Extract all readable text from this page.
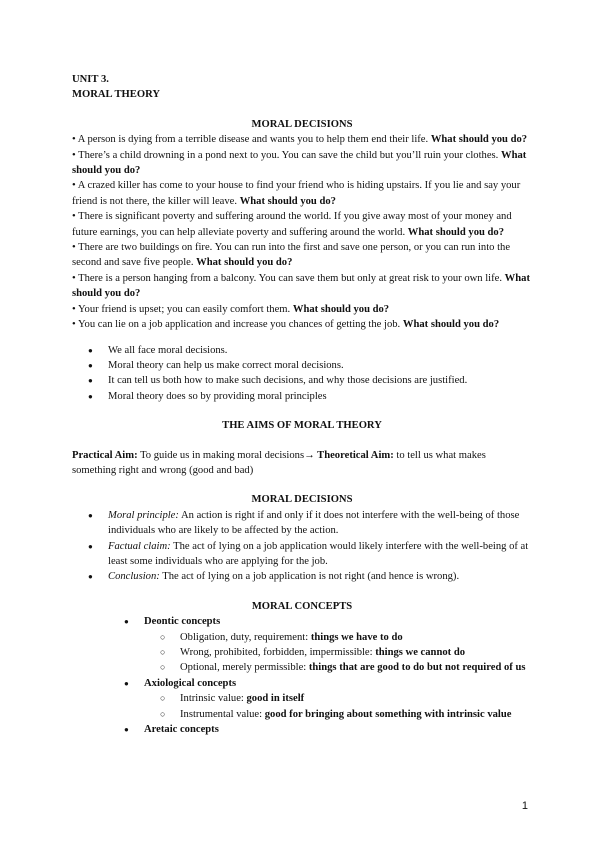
UNIT 3.
MORAL THEORY
MORAL DECISIONS
• A person is dying from a terrible disease and wants you to help them end their life. What should you do?
• There’s a child drowning in a pond next to you. You can save the child but you’ll ruin your clothes. What should you do?
• A crazed killer has come to your house to find your friend who is hiding upstairs. If you lie and say your friend is not there, the killer will leave. What should you do?
• There is significant poverty and suffering around the world. If you give away most of your money and future earnings, you can help alleviate poverty and suffering around the world. What should you do?
• There are two buildings on fire. You can run into the first and save one person, or you can run into the second and save five people. What should you do?
• There is a person hanging from a balcony. You can save them but only at great risk to your own life. What should you do?
• Your friend is upset; you can easily comfort them. What should you do?
• You can lie on a job application and increase you chances of getting the job. What should you do?
● We all face moral decisions.
● Moral theory can help us make correct moral decisions.
● It can tell us both how to make such decisions, and why those decisions are justified.
● Moral theory does so by providing moral principles
THE AIMS OF MORAL THEORY
Practical Aim: To guide us in making moral decisions→ Theoretical Aim: to tell us what makes something right and wrong (good and bad)
MORAL DECISIONS
● Moral principle: An action is right if and only if it does not interfere with the well-being of those individuals who are likely to be affected by the action.
● Factual claim: The act of lying on a job application would likely interfere with the well-being of at least some individuals who are applying for the job.
● Conclusion: The act of lying on a job application is not right (and hence is wrong).
MORAL CONCEPTS
● Deontic concepts
○ Obligation, duty, requirement: things we have to do
○ Wrong, prohibited, forbidden, impermissible: things we cannot do
○ Optional, merely permissible: things that are good to do but not required of us
● Axiological concepts
○ Intrinsic value: good in itself
○ Instrumental value: good for bringing about something with intrinsic value
● Aretaic concepts
1
